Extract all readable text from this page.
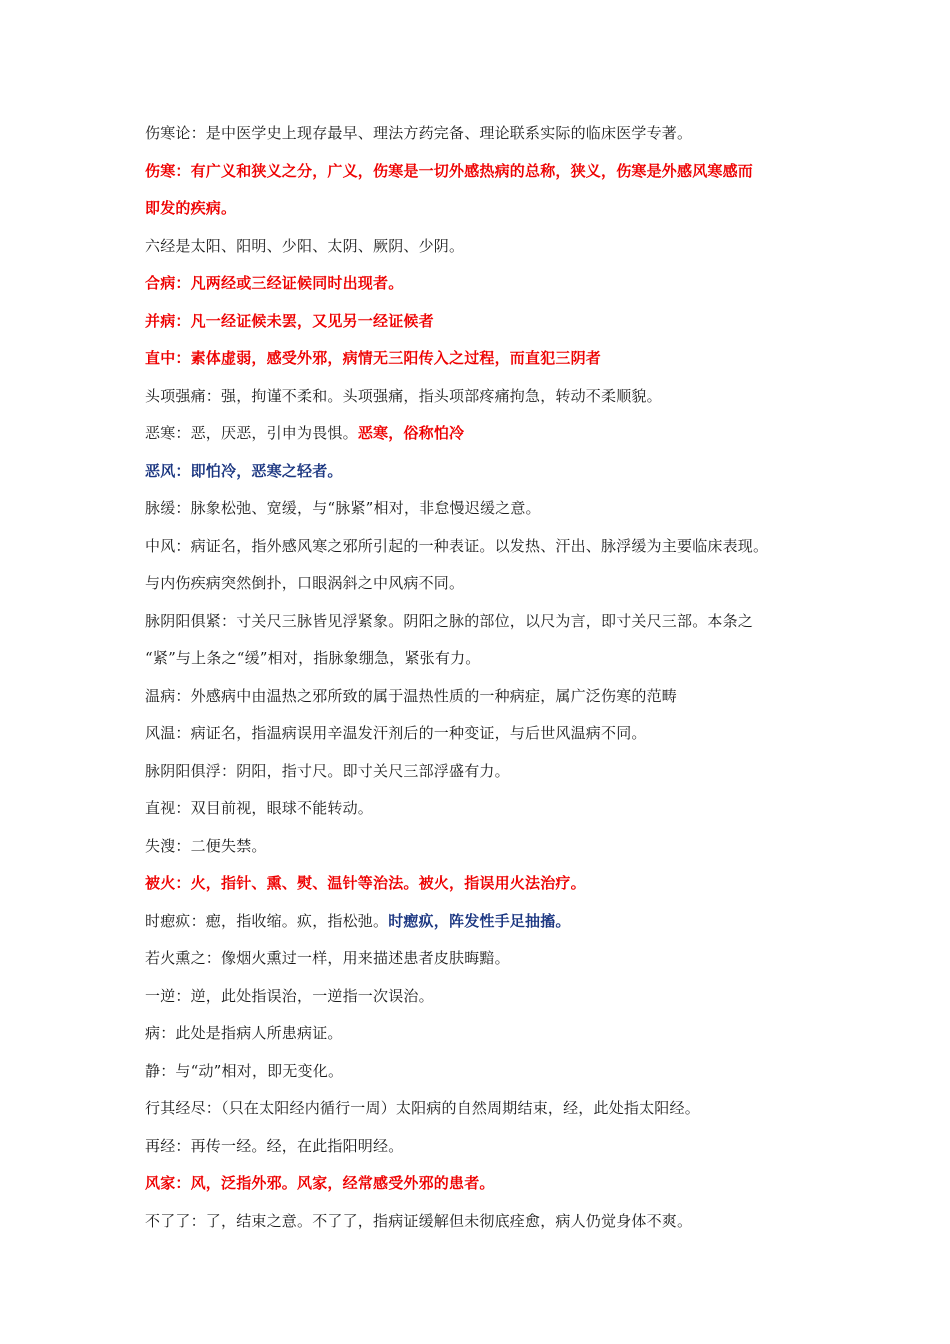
伤寒论：是中医学史上现存最早、理法方药完备、理论联系实际的临床医学专著。
伤寒：有广义和狭义之分，广义，伤寒是一切外感热病的总称，狭义，伤寒是外感风寒感而
即发的疾病。
六经是太阳、阳明、少阳、太阴、厥阴、少阴。
合病：凡两经或三经证候同时出现者。
并病：凡一经证候未罢，又见另一经证候者
直中：素体虚弱，感受外邪，病情无三阳传入之过程，而直犯三阴者
头项强痛：强，拘谨不柔和。头项强痛，指头项部疼痛拘急，转动不柔顺貌。
恶寒：恶，厌恶，引申为畏惧。恶寒，俗称怕冷
恶风：即怕冷，恶寒之轻者。
脉缓：脉象松弛、宽缓，与“脉紧”相对，非怠慢迟缓之意。
中风：病证名，指外感风寒之邪所引起的一种表证。以发热、汗出、脉浮缓为主要临床表现。
与内伤疾病突然倒扑，口眼涡斜之中风病不同。
脉阴阳俱紧：寸关尺三脉皆见浮紧象。阴阳之脉的部位，以尺为言，即寸关尺三部。本条之
“紧”与上条之“缓”相对，指脉象绷急，紧张有力。
温病：外感病中由温热之邪所致的属于温热性质的一种病症，属广泛伤寒的范畴
风温：病证名，指温病误用辛温发汗剂后的一种变证，与后世风温病不同。
脉阴阳俱浮：阴阳，指寸尺。即寸关尺三部浮盛有力。
直视：双目前视，眼球不能转动。
失溲：二便失禁。
被火：火，指针、熏、熨、温针等治法。被火，指误用火法治疗。
时瘛疭：瘛，指收缩。疭，指松弛。时瘛疭，阵发性手足抽搐。
若火熏之：像烟火熏过一样，用来描述患者皮肤晦黯。
一逆：逆，此处指误治，一逆指一次误治。
病：此处是指病人所患病证。
静：与“动”相对，即无变化。
行其经尽：（只在太阳经内循行一周）太阳病的自然周期结束，经，此处指太阳经。
再经：再传一经。经，在此指阳明经。
风家：风，泛指外邪。风家，经常感受外邪的患者。
不了了：了，结束之意。不了了，指病证缓解但未彻底痊愈，病人仍觉身体不爽。
